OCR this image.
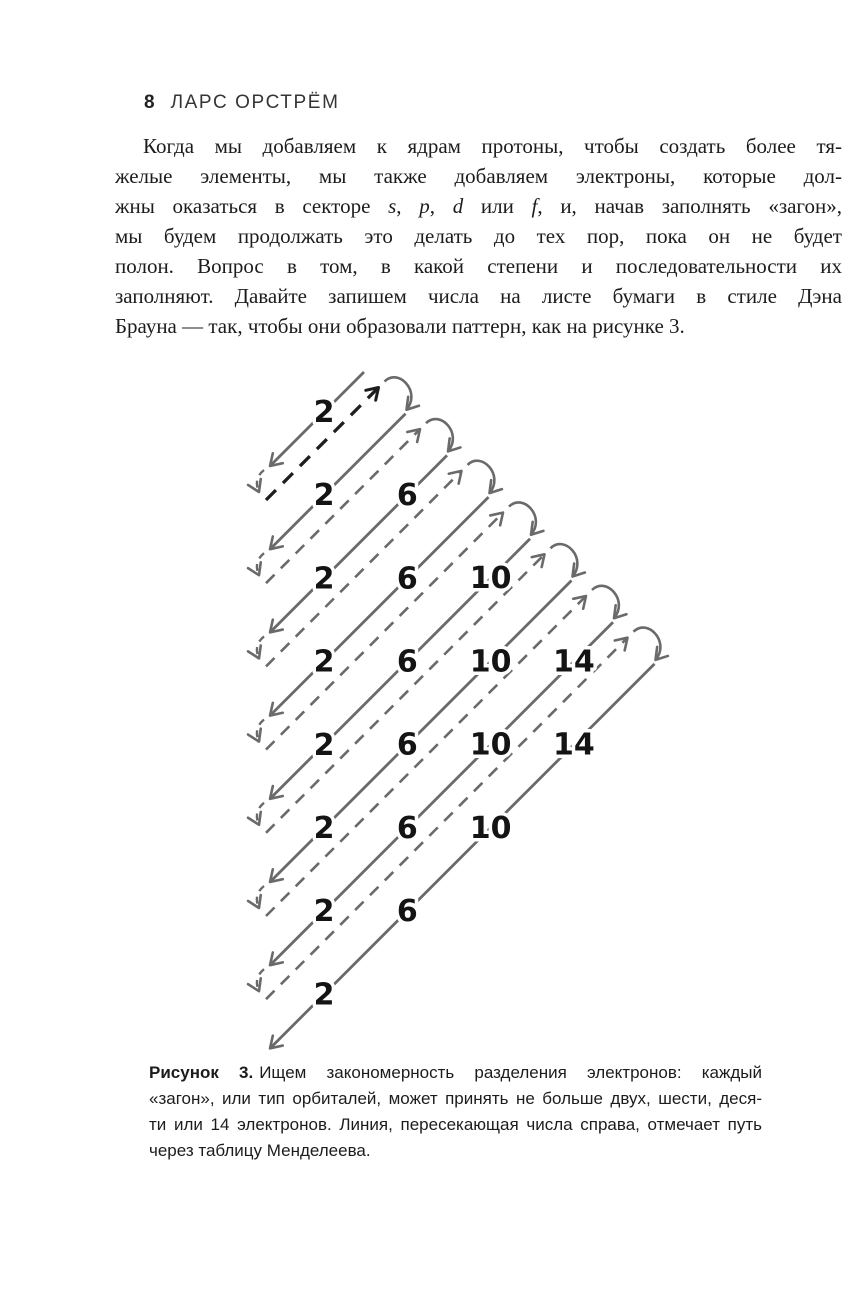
8 ЛАРС ОРСТРЁМ
Когда мы добавляем к ядрам протоны, чтобы создать более тя-
желые элементы, мы также добавляем электроны, которые дол-
жны оказаться в секторе s, p, d или f, и, начав заполнять «загон»,
мы будем продолжать это делать до тех пор, пока он не будет
полон. Вопрос в том, в какой степени и последовательности их
заполняют. Давайте запишем числа на листе бумаги в стиле Дэна
Брауна — так, чтобы они образовали паттерн, как на рисунке 3.
2
2 6
2 6 10
2 6 10 14
2 6 10 14
2 6 10
2 6
2
Рисунок 3. Ищем закономерность разделения электронов: каждый
«загон», или тип орбиталей, может принять не больше двух, шести, деся-
ти или 14 электронов. Линия, пересекающая числа справа, отмечает путь
через таблицу Менделеева.
